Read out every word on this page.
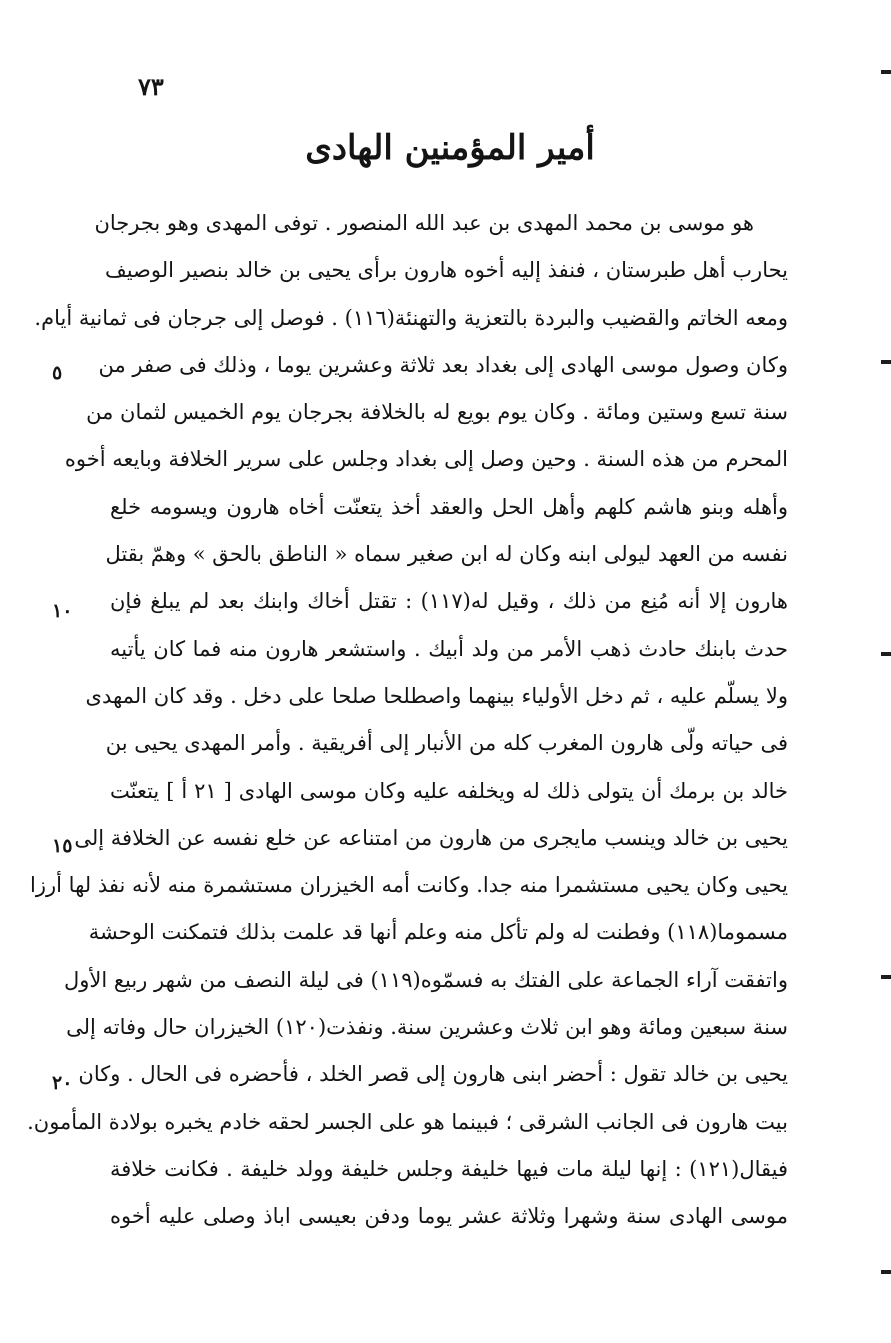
٧٣
أمير المؤمنين الهادى
هو موسى بن محمد المهدى بن عبد الله المنصور . توفى المهدى وهو بجرجان
يحارب أهل طبرستان ، فنفذ إليه أخوه هارون برأى يحيى بن خالد بنصير الوصيف
ومعه الخاتم والقضيب والبردة بالتعزية والتهنئة(١١٦) . فوصل إلى جرجان فى ثمانية أيام.
وكان وصول موسى الهادى إلى بغداد بعد ثلاثة وعشرين يوما ، وذلك فى صفر من
سنة تسع وستين ومائة . وكان يوم بويع له بالخلافة بجرجان يوم الخميس لثمان من
المحرم من هذه السنة . وحين وصل إلى بغداد وجلس على سرير الخلافة وبايعه أخوه
وأهله وبنو هاشم كلهم وأهل الحل والعقد أخذ يتعنّت أخاه هارون ويسومه خلع
نفسه من العهد ليولى ابنه وكان له ابن صغير سماه « الناطق بالحق » وهمّ بقتل
هارون إلا أنه مُنِع من ذلك ، وقيل له(١١٧) : تقتل أخاك وابنك بعد لم يبلغ فإن
حدث بابنك حادث ذهب الأمر من ولد أبيك . واستشعر هارون منه فما كان يأتيه
ولا يسلّم عليه ، ثم دخل الأولياء بينهما واصطلحا صلحا على دخل . وقد كان المهدى
فى حياته ولّى هارون المغرب كله من الأنبار إلى أفريقية . وأمر المهدى يحيى بن
خالد بن برمك أن يتولى ذلك له ويخلفه عليه وكان موسى الهادى [ ٢١ أ ] يتعنّت
يحيى بن خالد وينسب مايجرى من هارون من امتناعه عن خلع نفسه عن الخلافة إلى
يحيى وكان يحيى مستشمرا منه جدا. وكانت أمه الخيزران مستشمرة منه لأنه نفذ لها أرزا
مسموما(١١٨) وفطنت له ولم تأكل منه وعلم أنها قد علمت بذلك فتمكنت الوحشة
واتفقت آراء الجماعة على الفتك به فسمّوه(١١٩) فى ليلة النصف من شهر ربيع الأول
سنة سبعين ومائة وهو ابن ثلاث وعشرين سنة. ونفذت(١٢٠) الخيزران حال وفاته إلى
يحيى بن خالد تقول : أحضر ابنى هارون إلى قصر الخلد ، فأحضره فى الحال . وكان
بيت هارون فى الجانب الشرقى ؛ فبينما هو على الجسر لحقه خادم يخبره بولادة المأمون.
فيقال(١٢١) : إنها ليلة مات فيها خليفة وجلس خليفة وولد خليفة . فكانت خلافة
موسى الهادى سنة وشهرا وثلاثة عشر يوما ودفن بعيسى اباذ وصلى عليه أخوه
٥
١٠
١٥
٢٠
